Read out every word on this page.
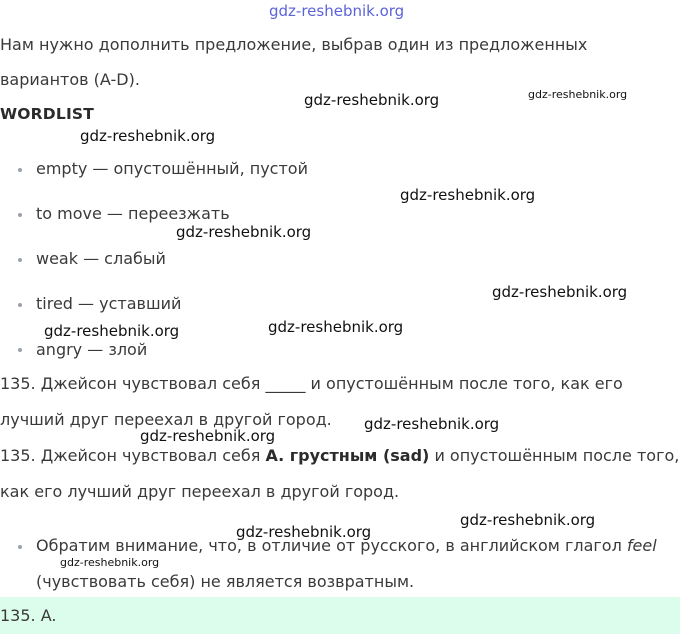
gdz-reshebnik.org
Нам нужно дополнить предложение, выбрав один из предложенных
вариантов (A-D).
WORDLIST
empty — опустошённый, пустой
to move — переезжать
weak — слабый
tired — уставший
angry — злой
135. Джейсон чувствовал себя _____ и опустошённым после того, как его
лучший друг переехал в другой город.
135. Джейсон чувствовал себя A. грустным (sad) и опустошённым после того,
как его лучший друг переехал в другой город.
Обратим внимание, что, в отличие от русского, в английском глагол feel
(чувствовать себя) не является возвратным.
135. A.
gdz-reshebnik.org	gdz-reshebnik.org
gdz-reshebnik.org
gdz-reshebnik.org
gdz-reshebnik.org
gdz-reshebnik.org
gdz-reshebnik.org	gdz-reshebnik.org
gdz-reshebnik.org
gdz-reshebnik.org
gdz-reshebnik.org
gdz-reshebnik.org
gdz-reshebnik.org
